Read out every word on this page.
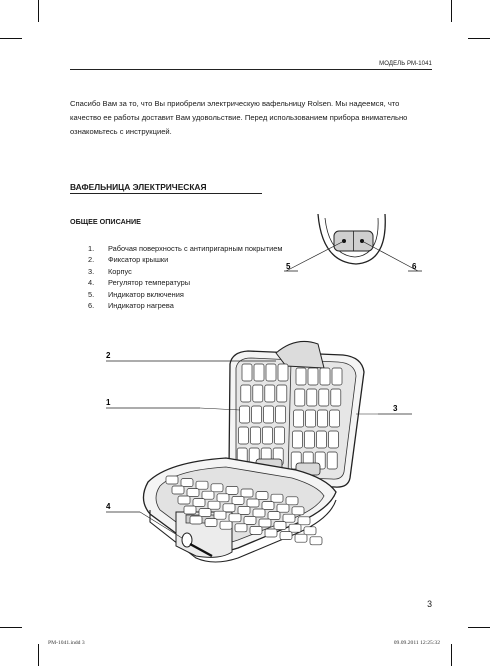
МОДЕЛЬ РМ-1041
Спасибо Вам за то, что Вы приобрели электрическую вафельницу Rolsen. Мы надеемся, что качество ее работы доставит Вам удовольствие. Перед использованием прибора внимательно ознакомьтесь с инструкцией.
ВАФЕЛЬНИЦА ЭЛЕКТРИЧЕСКАЯ
ОБЩЕЕ ОПИСАНИЕ
1.	Рабочая поверхность с антипригарным покрытием
2.	Фиксатор крышки
3.	Корпус
4.	Регулятор температуры
5.	Индикатор включения
6.	Индикатор нагрева
5	6
2
1
3
4
3
PM-1041.indd 3	09.09.2011 12:25:32
